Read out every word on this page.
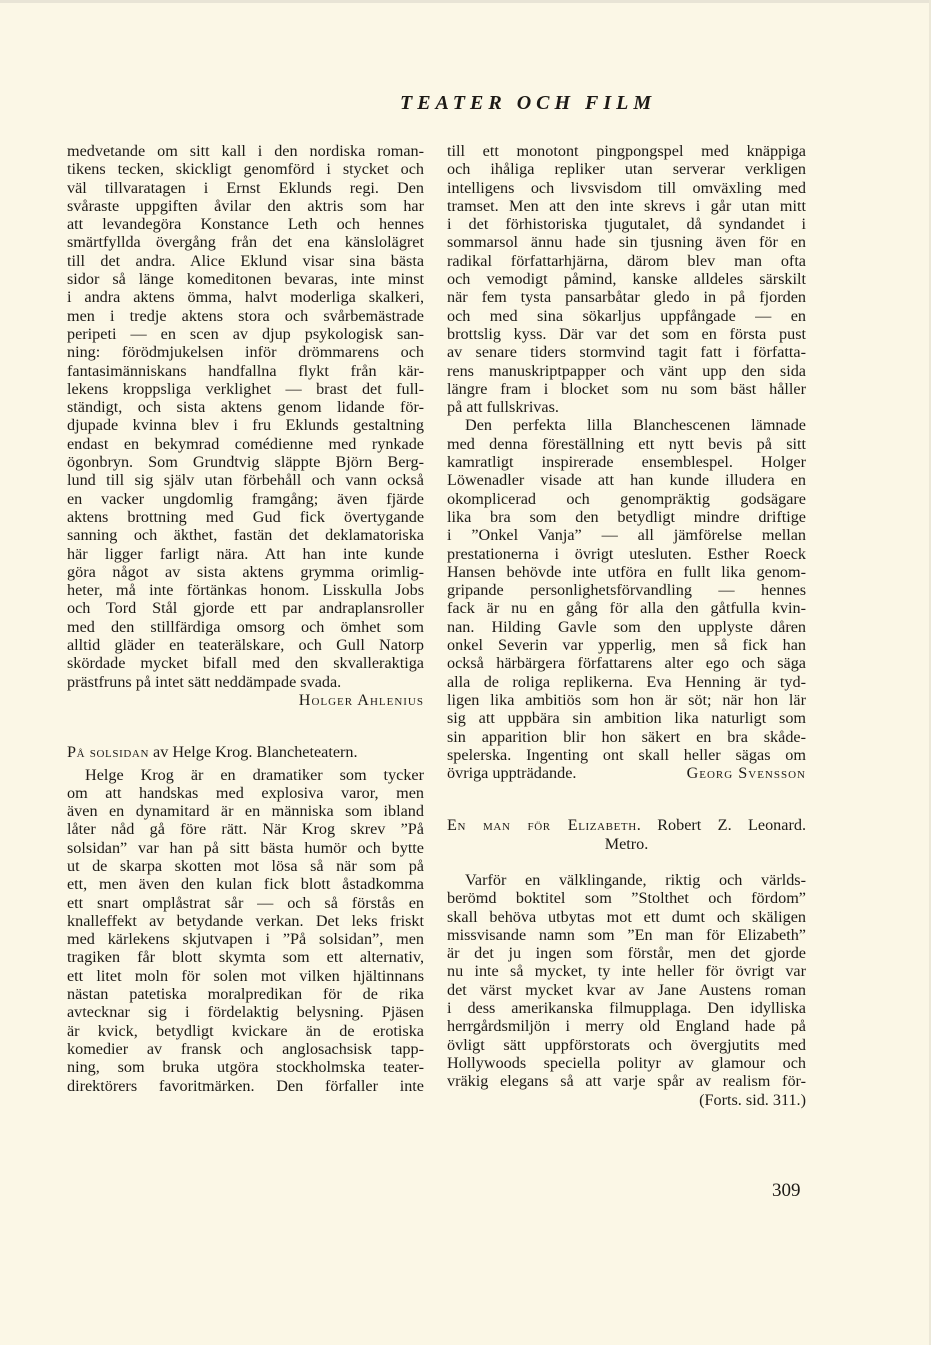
TEATER OCH FILM
medvetande om sitt kall i den nordiska roman-
tikens tecken, skickligt genomförd i stycket och
väl tillvaratagen i Ernst Eklunds regi. Den
svåraste uppgiften åvilar den aktris som har
att levandegöra Konstance Leth och hennes
smärtfyllda övergång från det ena känslolägret
till det andra. Alice Eklund visar sina bästa
sidor så länge komeditonen bevaras, inte minst
i andra aktens ömma, halvt moderliga skalkeri,
men i tredje aktens stora och svårbemästrade
peripeti — en scen av djup psykologisk san-
ning: förödmjukelsen inför drömmarens och
fantasimänniskans handfallna flykt från kär-
lekens kroppsliga verklighet — brast det full-
ständigt, och sista aktens genom lidande för-
djupade kvinna blev i fru Eklunds gestaltning
endast en bekymrad comédienne med rynkade
ögonbryn. Som Grundtvig släppte Björn Berg-
lund till sig själv utan förbehåll och vann också
en vacker ungdomlig framgång; även fjärde
aktens brottning med Gud fick övertygande
sanning och äkthet, fastän det deklamatoriska
här ligger farligt nära. Att han inte kunde
göra något av sista aktens grymma orimlig-
heter, må inte förtänkas honom. Lisskulla Jobs
och Tord Stål gjorde ett par andraplansroller
med den stillfärdiga omsorg och ömhet som
alltid gläder en teaterälskare, och Gull Natorp
skördade mycket bifall med den skvalleraktiga
prästfruns på intet sätt neddämpade svada.
Holger Ahlenius
På solsidan av Helge Krog. Blancheteatern.
Helge Krog är en dramatiker som tycker
om att handskas med explosiva varor, men
även en dynamitard är en människa som ibland
låter nåd gå före rätt. När Krog skrev ”På
solsidan” var han på sitt bästa humör och bytte
ut de skarpa skotten mot lösa så när som på
ett, men även den kulan fick blott åstadkomma
ett snart omplåstrat sår — och så förstås en
knalleffekt av betydande verkan. Det leks friskt
med kärlekens skjutvapen i ”På solsidan”, men
tragiken får blott skymta som ett alternativ,
ett litet moln för solen mot vilken hjältinnans
nästan patetiska moralpredikan för de rika
avtecknar sig i fördelaktig belysning. Pjäsen
är kvick, betydligt kvickare än de erotiska
komedier av fransk och anglosachsisk tapp-
ning, som bruka utgöra stockholmska teater-
direktörers favoritmärken. Den förfaller inte
till ett monotont pingpongspel med knäppiga
och ihåliga repliker utan serverar verkligen
intelligens och livsvisdom till omväxling med
tramset. Men att den inte skrevs i går utan mitt
i det förhistoriska tjugutalet, då syndandet i
sommarsol ännu hade sin tjusning även för en
radikal författarhjärna, därom blev man ofta
och vemodigt påmind, kanske alldeles särskilt
när fem tysta pansarbåtar gledo in på fjorden
och med sina sökarljus uppfångade — en
brottslig kyss. Där var det som en första pust
av senare tiders stormvind tagit fatt i författa-
rens manuskriptpapper och vänt upp den sida
längre fram i blocket som nu som bäst håller
på att fullskrivas.
Den perfekta lilla Blanchescenen lämnade
med denna föreställning ett nytt bevis på sitt
kamratligt inspirerade ensemblespel. Holger
Löwenadler visade att han kunde illudera en
okomplicerad och genompräktig godsägare
lika bra som den betydligt mindre driftige
i ”Onkel Vanja” — all jämförelse mellan
prestationerna i övrigt utesluten. Esther Roeck
Hansen behövde inte utföra en fullt lika genom-
gripande personlighetsförvandling — hennes
fack är nu en gång för alla den gåtfulla kvin-
nan. Hilding Gavle som den upplyste dåren
onkel Severin var ypperlig, men så fick han
också härbärgera författarens alter ego och säga
alla de roliga replikerna. Eva Henning är tyd-
ligen lika ambitiös som hon är söt; när hon lär
sig att uppbära sin ambition lika naturligt som
sin apparition blir hon säkert en bra skåde-
spelerska. Ingenting ont skall heller sägas om
övriga uppträdande.	Georg Svensson
En man för Elizabeth. Robert Z. Leonard.
Metro.
Varför en välklingande, riktig och världs-
berömd boktitel som ”Stolthet och fördom”
skall behöva utbytas mot ett dumt och skäligen
missvisande namn som ”En man för Elizabeth”
är det ju ingen som förstår, men det gjorde
nu inte så mycket, ty inte heller för övrigt var
det värst mycket kvar av Jane Austens roman
i dess amerikanska filmupplaga. Den idylliska
herrgårdsmiljön i merry old England hade på
övligt sätt uppförstorats och övergjutits med
Hollywoods speciella polityr av glamour och
vräkig elegans så att varje spår av realism för-
(Forts. sid. 311.)
309
